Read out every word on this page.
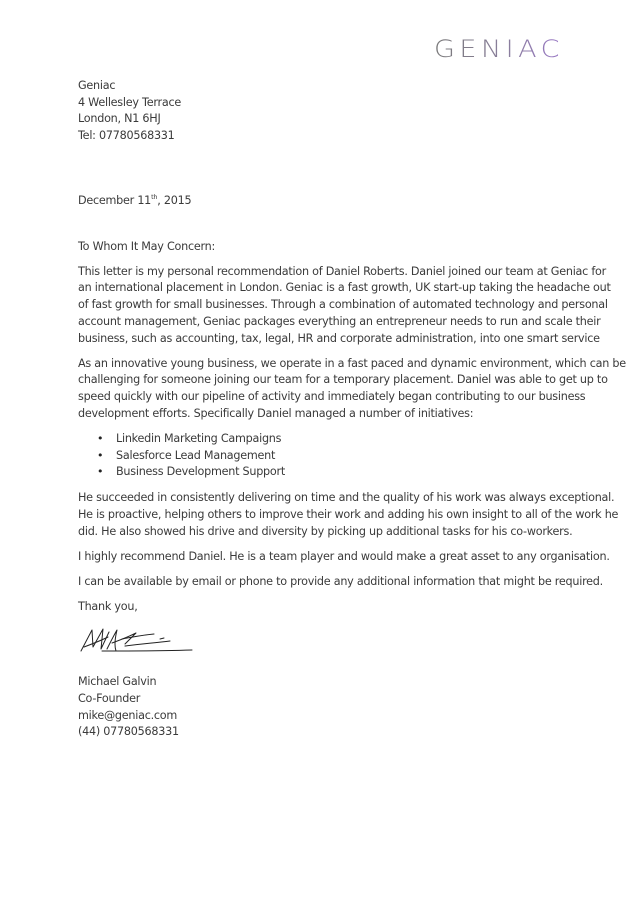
GENIAC

Geniac

4 Wellesley Terrace

London, N1 6HJ

Tel: 07780568331

December 11th, 2015

To Whom It May Concern:

This letter is my personal recommendation of Daniel Roberts. Daniel joined our team at Geniac for
an international placement in London. Geniac is a fast growth, UK start-up taking the headache out
of fast growth for small businesses. Through a combination of automated technology and personal
account management, Geniac packages everything an entrepreneur needs to run and scale their
business, such as accounting, tax, legal, HR and corporate administration, into one smart service

As an innovative young business, we operate in a fast paced and dynamic environment, which can be
challenging for someone joining our team for a temporary placement. Daniel was able to get up to
speed quickly with our pipeline of activity and immediately began contributing to our business
development efforts. Specifically Daniel managed a number of initiatives:

• Linkedin Marketing Campaigns
• Salesforce Lead Management
• Business Development Support

He succeeded in consistently delivering on time and the quality of his work was always exceptional.
He is proactive, helping others to improve their work and adding his own insight to all of the work he
did. He also showed his drive and diversity by picking up additional tasks for his co-workers.

I highly recommend Daniel. He is a team player and would make a great asset to any organisation.

I can be available by email or phone to provide any additional information that might be required.

Thank you,

Michael Galvin

Co-Founder

mike@geniac.com

(44) 07780568331
